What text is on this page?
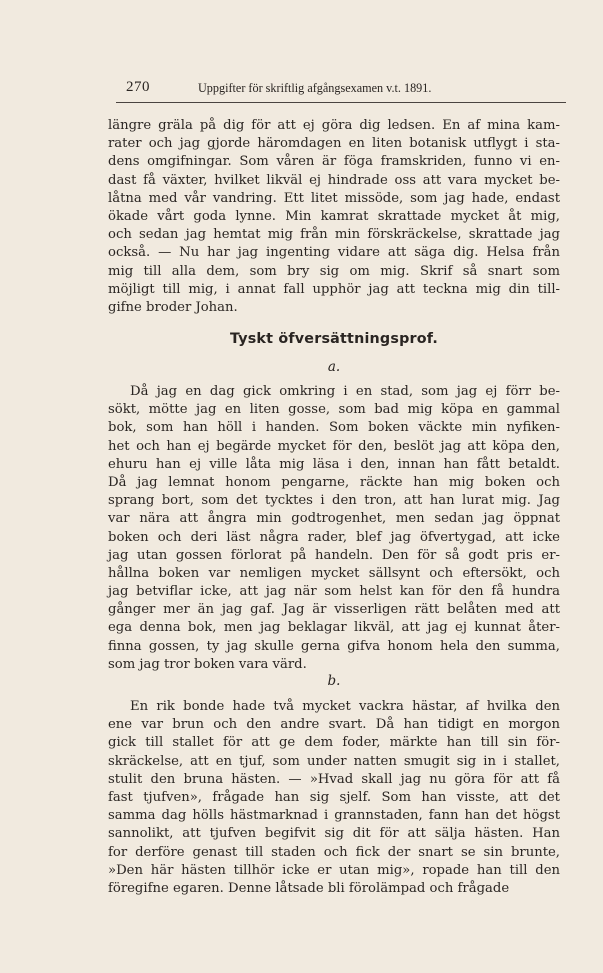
270	Uppgifter för skriftlig afgångsexamen v.t. 1891.
längre gräla på dig för att ej göra dig ledsen. En af mina kam-
rater och jag gjorde häromdagen en liten botanisk utflygt i sta-
dens omgifningar. Som våren är föga framskriden, funno vi en-
dast få växter, hvilket likväl ej hindrade oss att vara mycket be-
låtna med vår vandring. Ett litet missöde, som jag hade, endast
ökade vårt goda lynne. Min kamrat skrattade mycket åt mig,
och sedan jag hemtat mig från min förskräckelse, skrattade jag
också. — Nu har jag ingenting vidare att säga dig. Helsa från
mig till alla dem, som bry sig om mig. Skrif så snart som
möjligt till mig, i annat fall upphör jag att teckna mig din till-
gifne broder Johan.
Tyskt öfversättningsprof.
a.
Då jag en dag gick omkring i en stad, som jag ej förr be-
sökt, mötte jag en liten gosse, som bad mig köpa en gammal
bok, som han höll i handen. Som boken väckte min nyfiken-
het och han ej begärde mycket för den, beslöt jag att köpa den,
ehuru han ej ville låta mig läsa i den, innan han fått betaldt.
Då jag lemnat honom pengarne, räckte han mig boken och
sprang bort, som det tycktes i den tron, att han lurat mig. Jag
var nära att ångra min godtrogenhet, men sedan jag öppnat
boken och deri läst några rader, blef jag öfvertygad, att icke
jag utan gossen förlorat på handeln. Den för så godt pris er-
hållna boken var nemligen mycket sällsynt och eftersökt, och
jag betviflar icke, att jag när som helst kan för den få hundra
gånger mer än jag gaf. Jag är visserligen rätt belåten med att
ega denna bok, men jag beklagar likväl, att jag ej kunnat åter-
finna gossen, ty jag skulle gerna gifva honom hela den summa,
som jag tror boken vara värd.
b.
En rik bonde hade två mycket vackra hästar, af hvilka den
ene var brun och den andre svart. Då han tidigt en morgon
gick till stallet för att ge dem foder, märkte han till sin för-
skräckelse, att en tjuf, som under natten smugit sig in i stallet,
stulit den bruna hästen. — »Hvad skall jag nu göra för att få
fast tjufven», frågade han sig sjelf. Som han visste, att det
samma dag hölls hästmarknad i grannstaden, fann han det högst
sannolikt, att tjufven begifvit sig dit för att sälja hästen. Han
for derföre genast till staden och fick der snart se sin brunte,
»Den här hästen tillhör icke er utan mig», ropade han till den
föregifne egaren. Denne låtsade bli förolämpad och frågade
